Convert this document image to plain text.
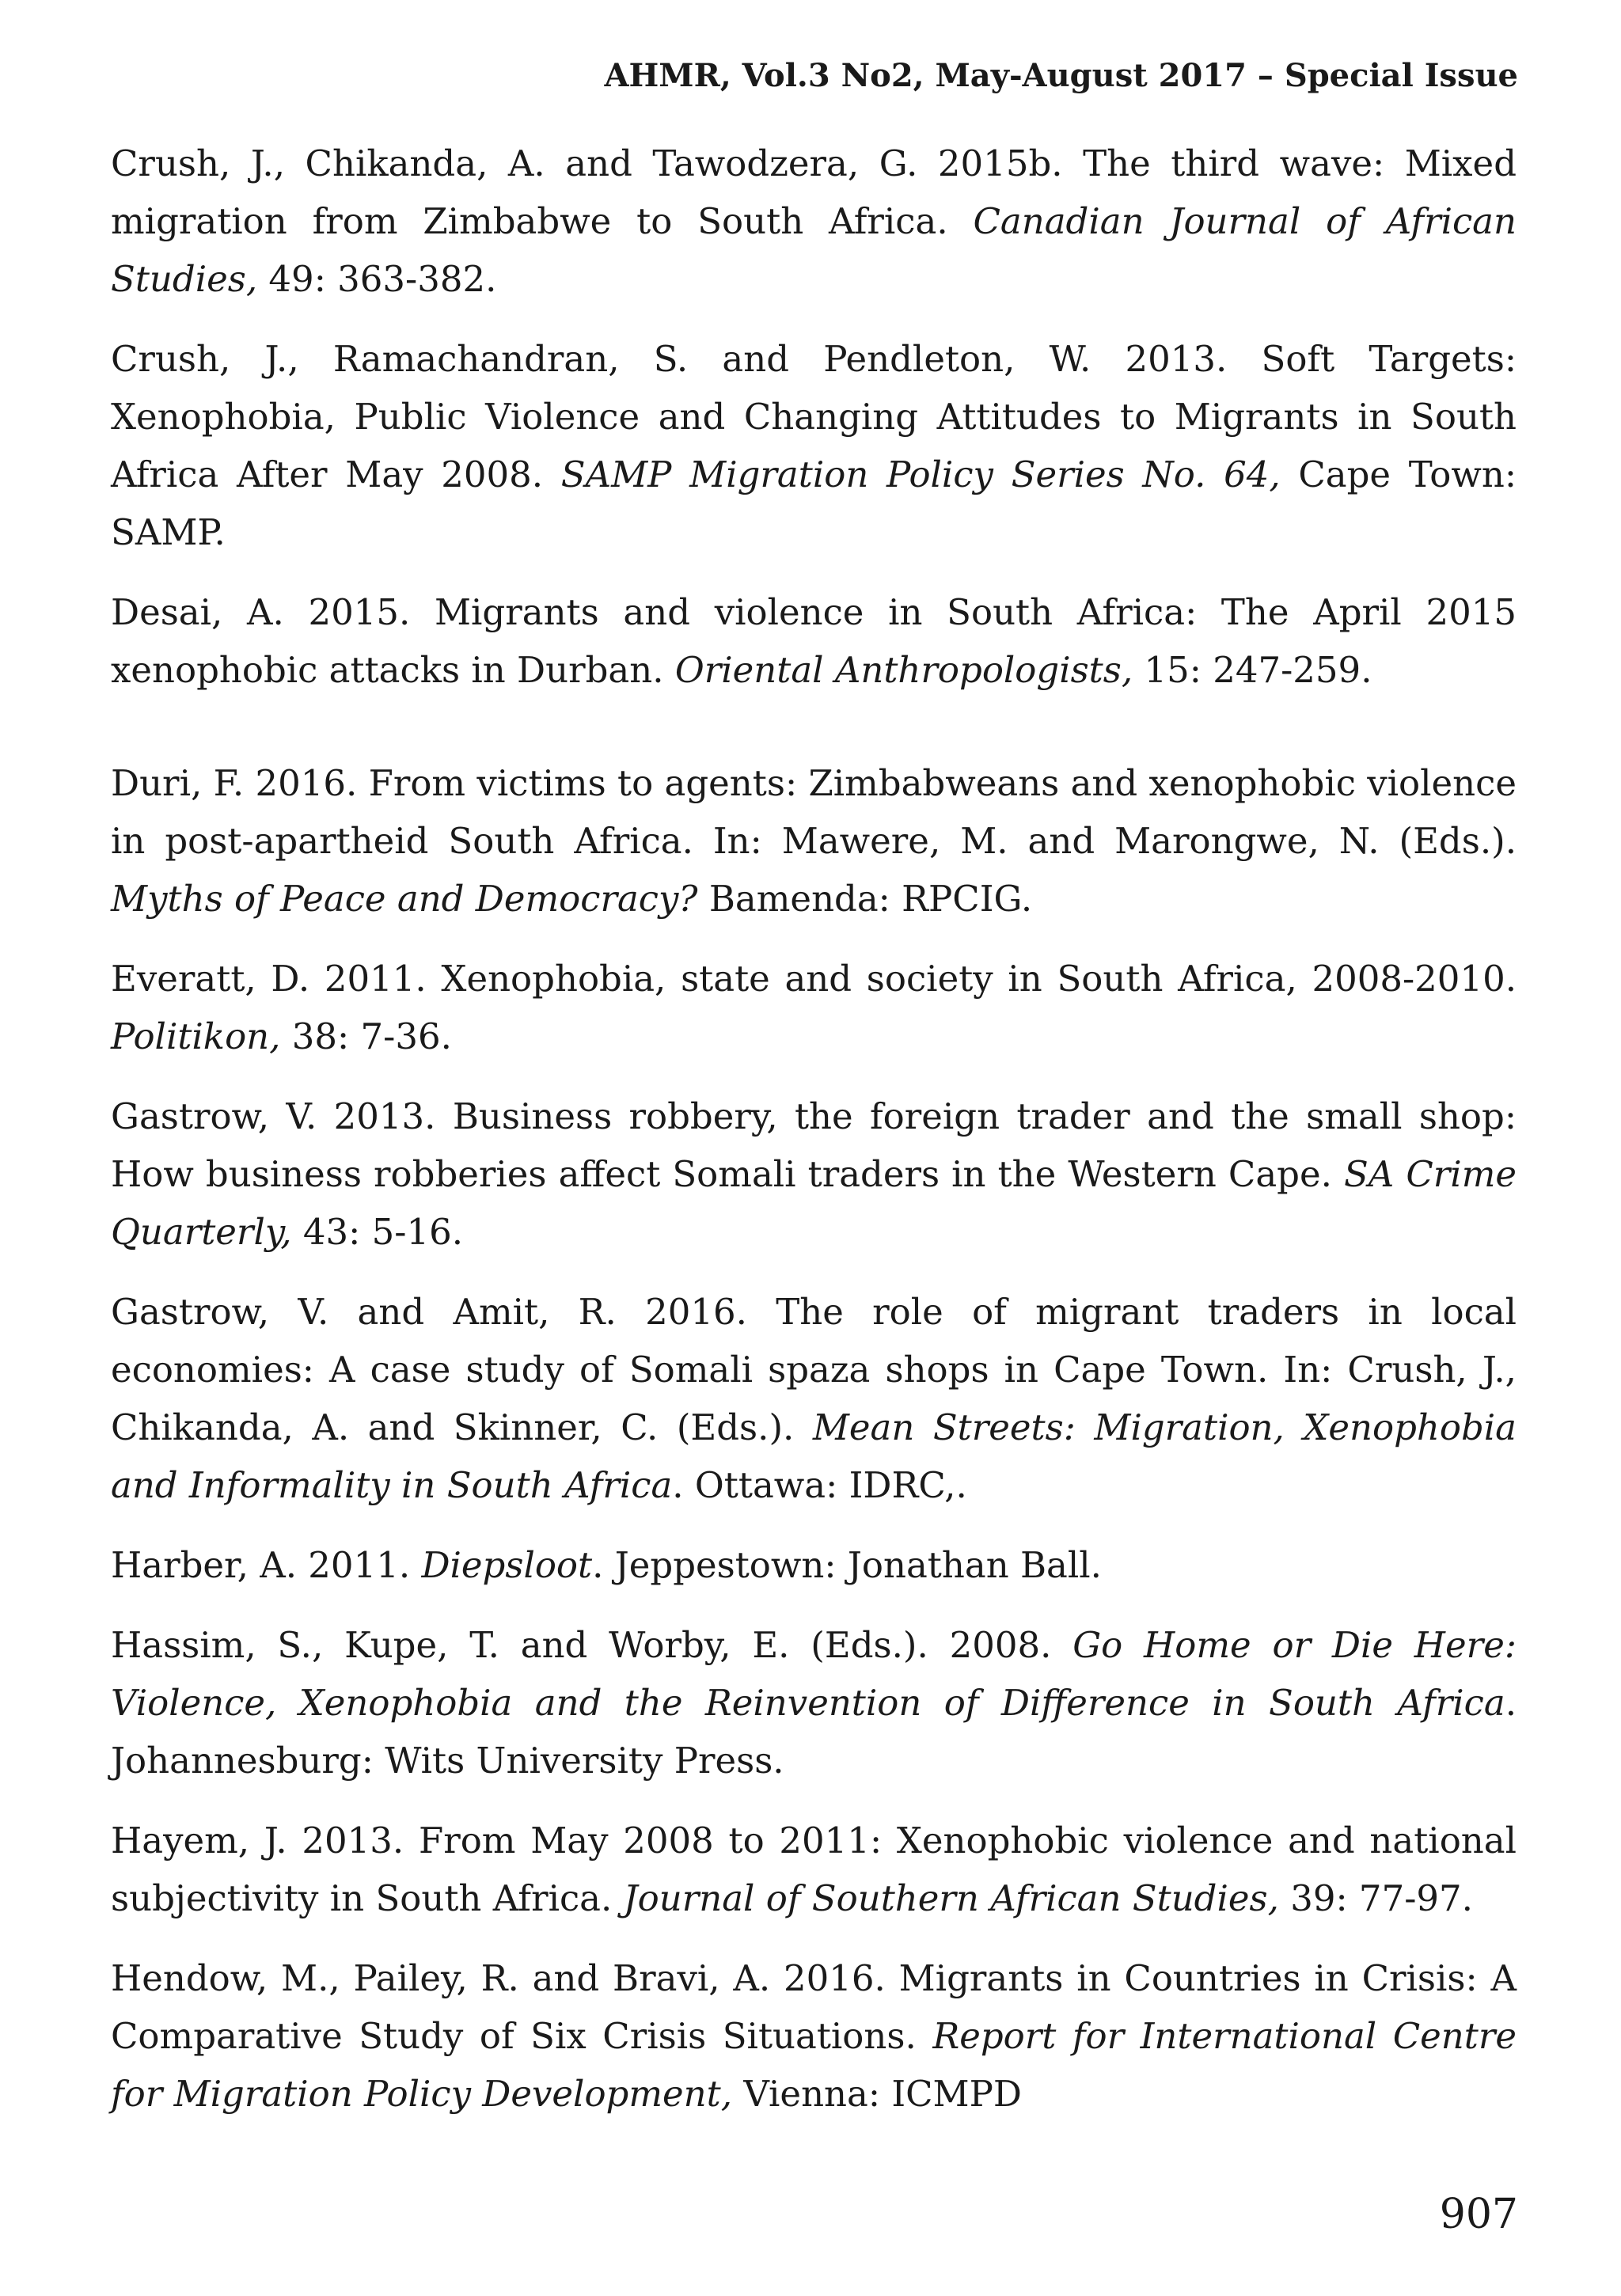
AHMR, Vol.3 No2, May-August 2017 – Special Issue

Crush, J., Chikanda, A. and Tawodzera, G. 2015b. The third wave: Mixed migration from Zimbabwe to South Africa. Canadian Journal of African Studies, 49: 363-382.

Crush, J., Ramachandran, S. and Pendleton, W. 2013. Soft Targets: Xenophobia, Public Violence and Changing Attitudes to Migrants in South Africa After May 2008. SAMP Migration Policy Series No. 64, Cape Town: SAMP.

Desai, A. 2015. Migrants and violence in South Africa: The April 2015 xenophobic attacks in Durban. Oriental Anthropologists, 15: 247-259.

Duri, F. 2016. From victims to agents: Zimbabweans and xenophobic violence in post-apartheid South Africa. In: Mawere, M. and Marongwe, N. (Eds.). Myths of Peace and Democracy? Bamenda: RPCIG.

Everatt, D. 2011. Xenophobia, state and society in South Africa, 2008-2010. Politikon, 38: 7-36.

Gastrow, V. 2013. Business robbery, the foreign trader and the small shop: How business robberies affect Somali traders in the Western Cape. SA Crime Quarterly, 43: 5-16.

Gastrow, V. and Amit, R. 2016. The role of migrant traders in local economies: A case study of Somali spaza shops in Cape Town. In: Crush, J., Chikanda, A. and Skinner, C. (Eds.). Mean Streets: Migration, Xenophobia and Informality in South Africa. Ottawa: IDRC,.

Harber, A. 2011. Diepsloot. Jeppestown: Jonathan Ball.

Hassim, S., Kupe, T. and Worby, E. (Eds.). 2008. Go Home or Die Here: Violence, Xenophobia and the Reinvention of Difference in South Africa. Johannesburg: Wits University Press.

Hayem, J. 2013. From May 2008 to 2011: Xenophobic violence and national subjectivity in South Africa. Journal of Southern African Studies, 39: 77-97.

Hendow, M., Pailey, R. and Bravi, A. 2016. Migrants in Countries in Crisis: A Comparative Study of Six Crisis Situations. Report for International Centre for Migration Policy Development, Vienna: ICMPD

907
